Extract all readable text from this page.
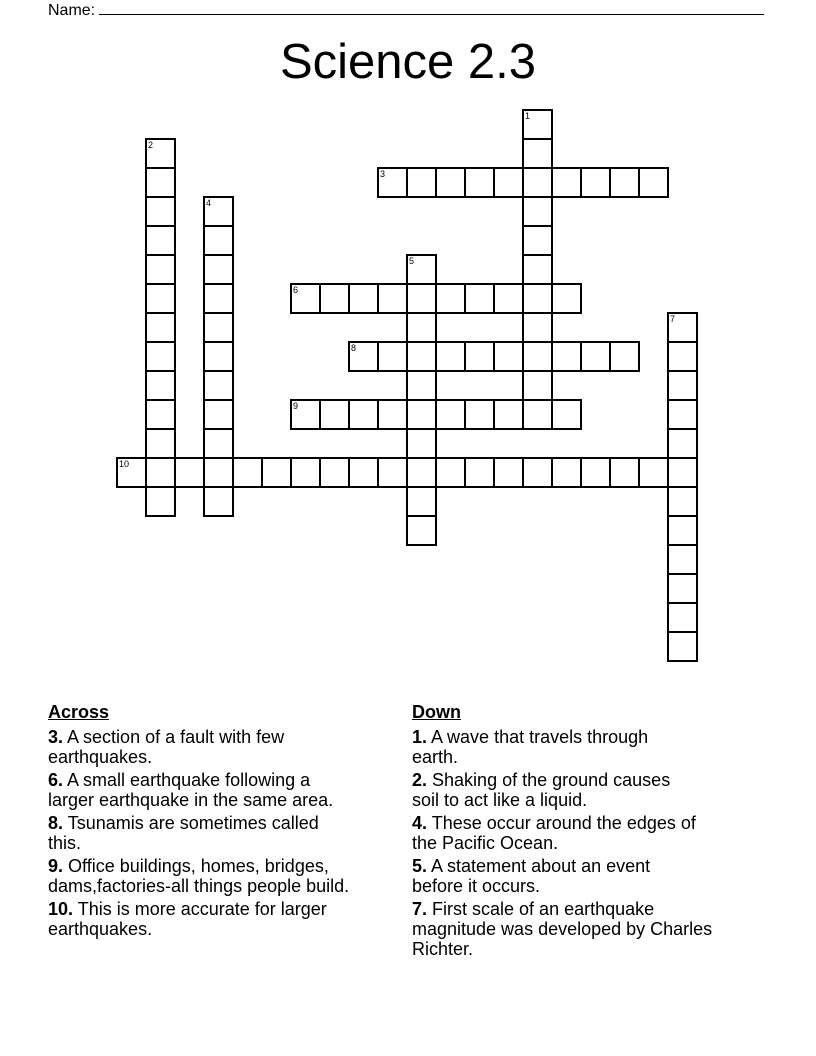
Name:
Science 2.3
1
2
3
4
5
6
7
8
9
10
Across
3. A section of a fault with few
earthquakes.
6. A small earthquake following a
larger earthquake in the same area.
8. Tsunamis are sometimes called
this.
9. Office buildings, homes, bridges,
dams,factories-all things people build.
10. This is more accurate for larger
earthquakes.
Down
1. A wave that travels through
earth.
2. Shaking of the ground causes
soil to act like a liquid.
4. These occur around the edges of
the Pacific Ocean.
5. A statement about an event
before it occurs.
7. First scale of an earthquake
magnitude was developed by Charles
Richter.
